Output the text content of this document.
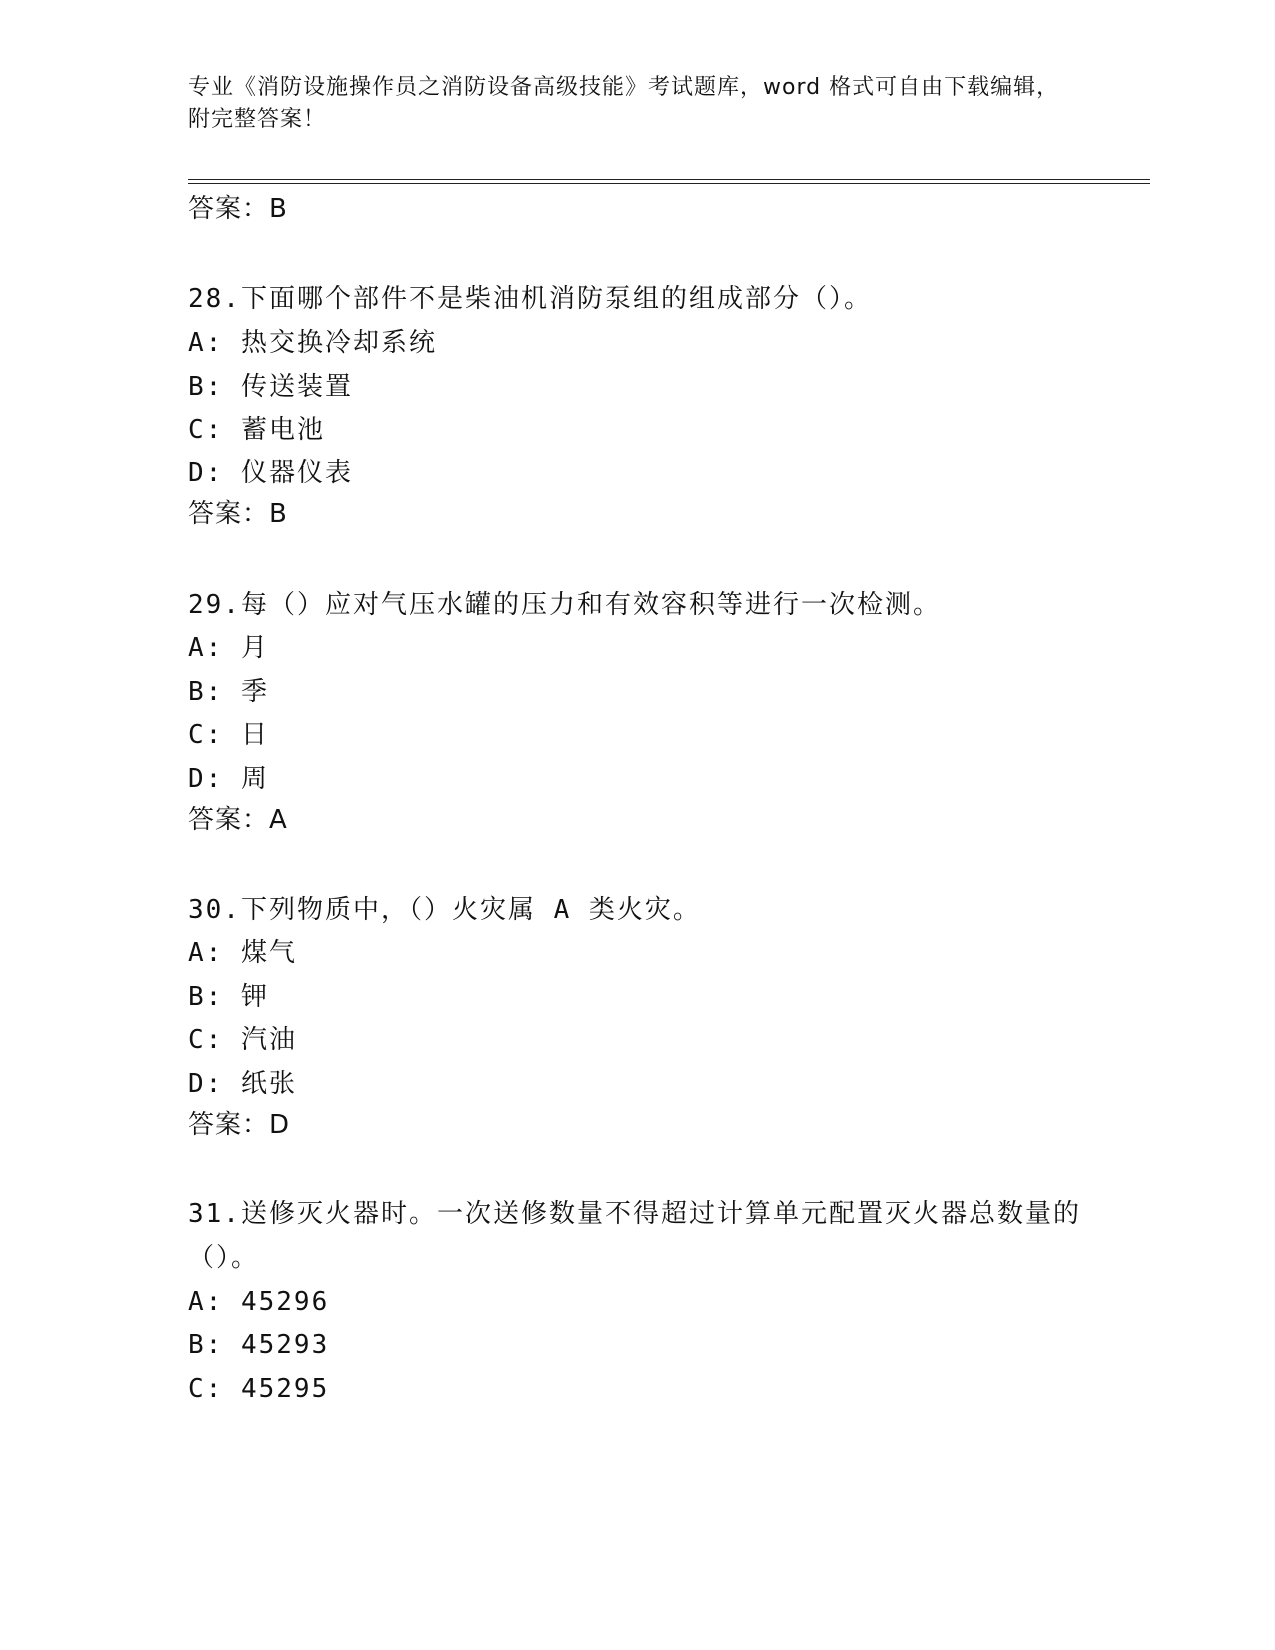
专业《消防设施操作员之消防设备高级技能》考试题库，word 格式可自由下载编辑，附完整答案！
答案：B
28.下面哪个部件不是柴油机消防泵组的组成部分（）。
A: 热交换冷却系统
B: 传送装置
C: 蓄电池
D: 仪器仪表
答案：B
29.每（）应对气压水罐的压力和有效容积等进行一次检测。
A: 月
B: 季
C: 日
D: 周
答案：A
30.下列物质中，（）火灾属 A 类火灾。
A: 煤气
B: 钾
C: 汽油
D: 纸张
答案：D
31.送修灭火器时。一次送修数量不得超过计算单元配置灭火器总数量的（）。
A: 45296
B: 45293
C: 45295
